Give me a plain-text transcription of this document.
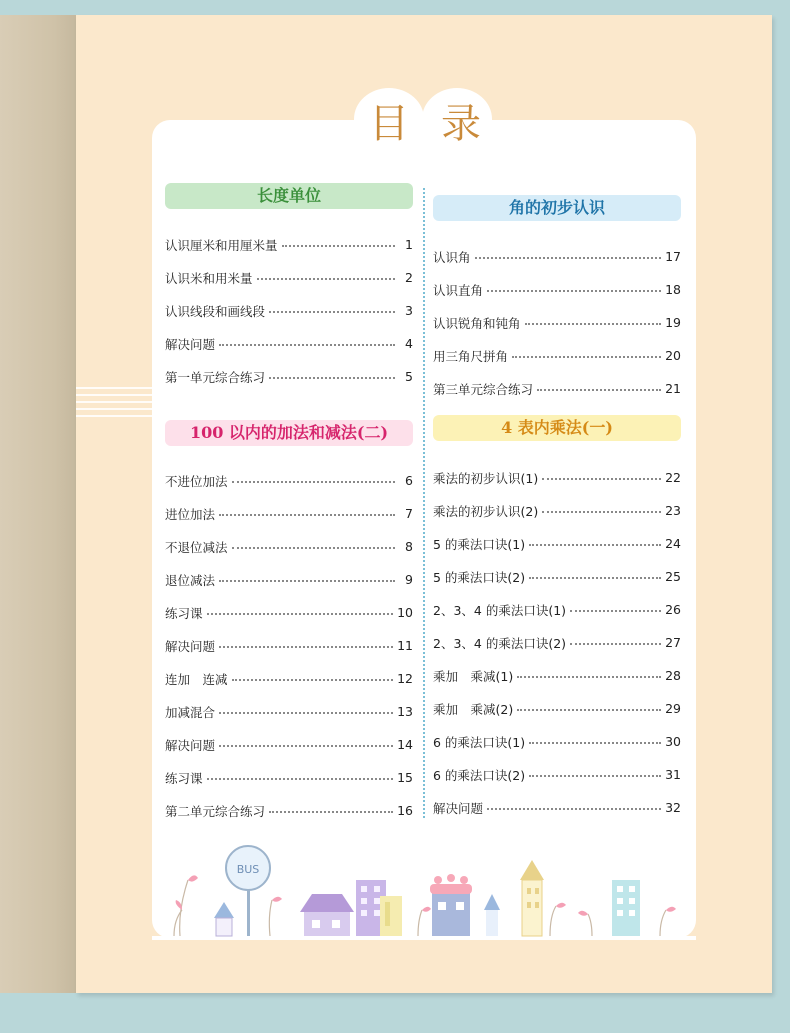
目 录
长度单位
认识厘米和用厘米量	1
认识米和用米量	2
认识线段和画线段	3
解决问题	4
第一单元综合练习	5
100 以内的加法和减法(二)
不进位加法	6
进位加法	7
不退位减法	8
退位减法	9
练习课	10
解决问题	11
连加　连减	12
加减混合	13
解决问题	14
练习课	15
第二单元综合练习	16
角的初步认识
认识角	17
认识直角	18
认识锐角和钝角	19
用三角尺拼角	20
第三单元综合练习	21
4 表内乘法(一)
乘法的初步认识(1)	22
乘法的初步认识(2)	23
5 的乘法口诀(1)	24
5 的乘法口诀(2)	25
2、3、4 的乘法口诀(1)	26
2、3、4 的乘法口诀(2)	27
乘加　乘减(1)	28
乘加　乘减(2)	29
6 的乘法口诀(1)	30
6 的乘法口诀(2)	31
解决问题	32
BUS
